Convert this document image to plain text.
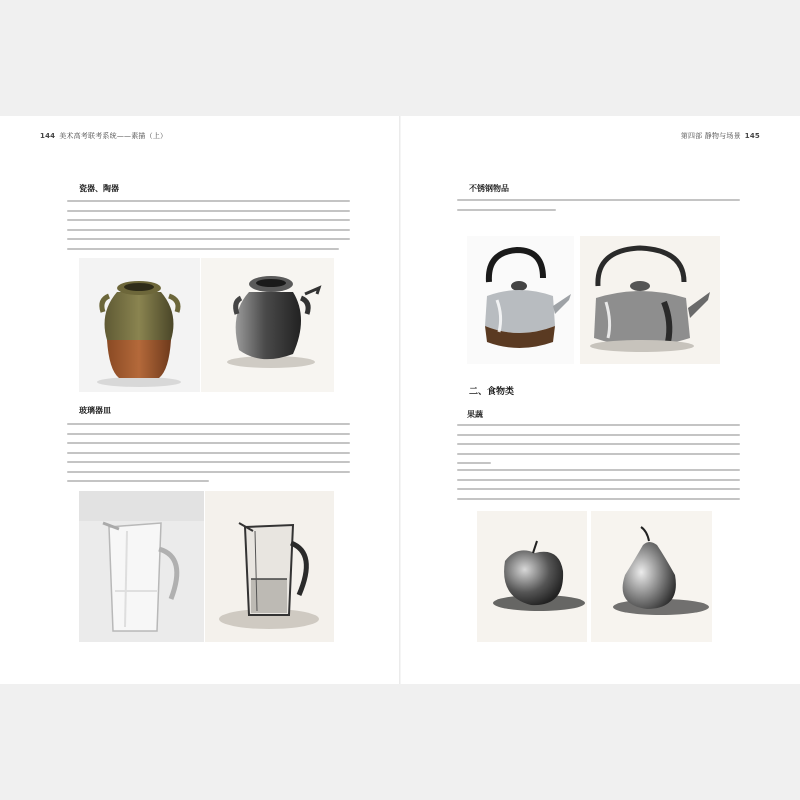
144 美术高考联考系统——素描（上）	第四部 静物与场景 145
瓷器、陶器
玻璃器皿
不锈钢物品
二、食物类
果蔬
